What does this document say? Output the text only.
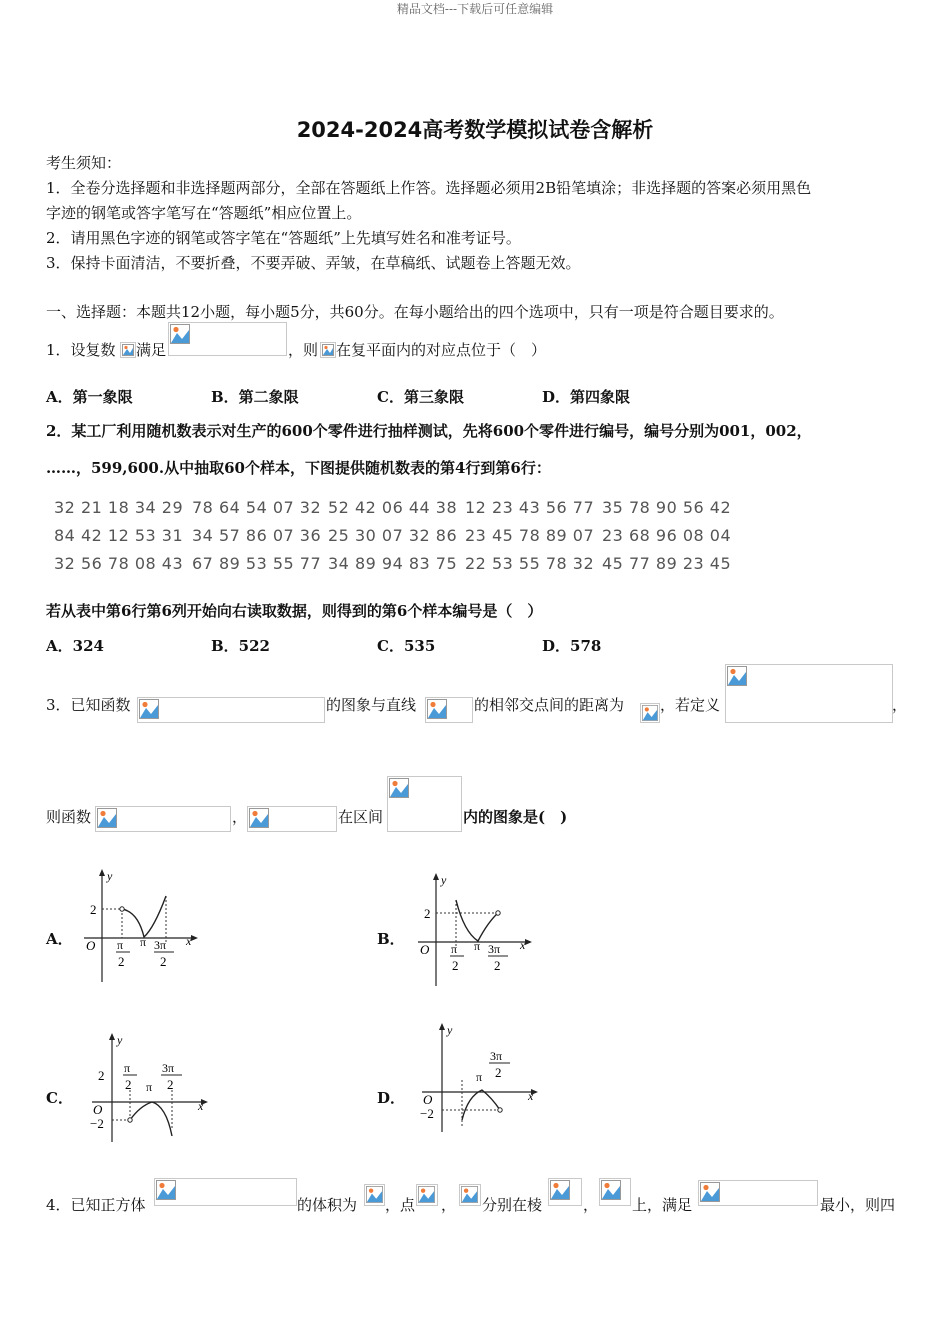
精品文档---下载后可任意编辑
2024-2024高考数学模拟试卷含解析
考生须知：
1．全卷分选择题和非选择题两部分，全部在答题纸上作答。选择题必须用2B铅笔填涂；非选择题的答案必须用黑色
字迹的钢笔或答字笔写在“答题纸”相应位置上。
2．请用黑色字迹的钢笔或答字笔在“答题纸”上先填写姓名和准考证号。
3．保持卡面清洁，不要折叠，不要弄破、弄皱，在草稿纸、试题卷上答题无效。
一、选择题：本题共12小题，每小题5分，共60分。在每小题给出的四个选项中，只有一项是符合题目要求的。
1．设复数 满足	，则 在复平面内的对应点位于（　）
A．第一象限	B．第二象限	C．第三象限	D．第四象限
2．某工厂利用随机数表示对生产的600个零件进行抽样测试，先将600个零件进行编号，编号分别为001，002，
……，599,600.从中抽取60个样本，下图提供随机数表的第4行到第6行：
32 21 18 34 29 78 64 54 07 32 52 42 06 44 38 12 23 43 56 77 35 78 90 56 42
84 42 12 53 31 34 57 86 07 36 25 30 07 32 86 23 45 78 89 07 23 68 96 08 04
32 56 78 08 43 67 89 53 55 77 34 89 94 83 75 22 53 55 78 32 45 77 89 23 45
若从表中第6行第6列开始向右读取数据，则得到的第6个样本编号是（　）
A．324	B．522	C．535	D．578
3．已知函数	的图象与直线	的相邻交点间的距离为 ，若定义	，
则函数	，	在区间	内的图象是(　)
A．	B．
C．	D．
y
x
O
2
π
2
π 3π
2
y
x
O
2
π
2
π 3π
2
y
x
O
2
−2
π
2 π
3π
2
y
x
O
−2
π
3π
2
4．已知正方体	的体积为 ，点 ， 分别在棱	， 上，满足	最小，则四
